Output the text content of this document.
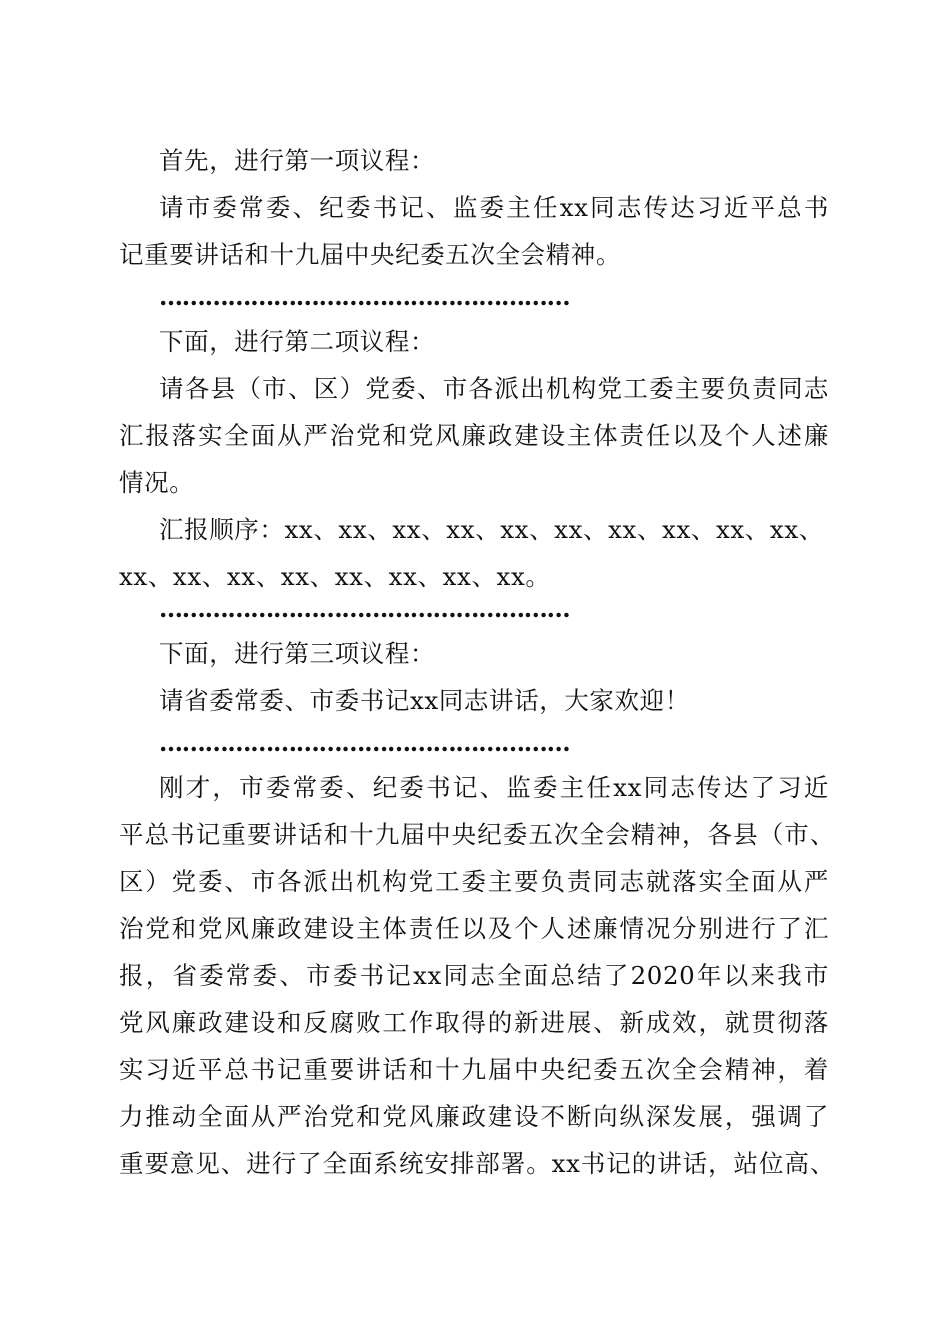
首先，进行第一项议程：
请市委常委、纪委书记、监委主任xx同志传达习近平总书
记重要讲话和十九届中央纪委五次全会精神。
………………………………………………
下面，进行第二项议程：
请各县（市、区）党委、市各派出机构党工委主要负责同志
汇报落实全面从严治党和党风廉政建设主体责任以及个人述廉
情况。
汇报顺序：xx、xx、xx、xx、xx、xx、xx、xx、xx、xx、
xx、xx、xx、xx、xx、xx、xx、xx。
………………………………………………
下面，进行第三项议程：
请省委常委、市委书记xx同志讲话，大家欢迎！
………………………………………………
刚才，市委常委、纪委书记、监委主任xx同志传达了习近
平总书记重要讲话和十九届中央纪委五次全会精神，各县（市、
区）党委、市各派出机构党工委主要负责同志就落实全面从严
治党和党风廉政建设主体责任以及个人述廉情况分别进行了汇
报，省委常委、市委书记xx同志全面总结了2020年以来我市
党风廉政建设和反腐败工作取得的新进展、新成效，就贯彻落
实习近平总书记重要讲话和十九届中央纪委五次全会精神，着
力推动全面从严治党和党风廉政建设不断向纵深发展，强调了
重要意见、进行了全面系统安排部署。xx书记的讲话，站位高、
